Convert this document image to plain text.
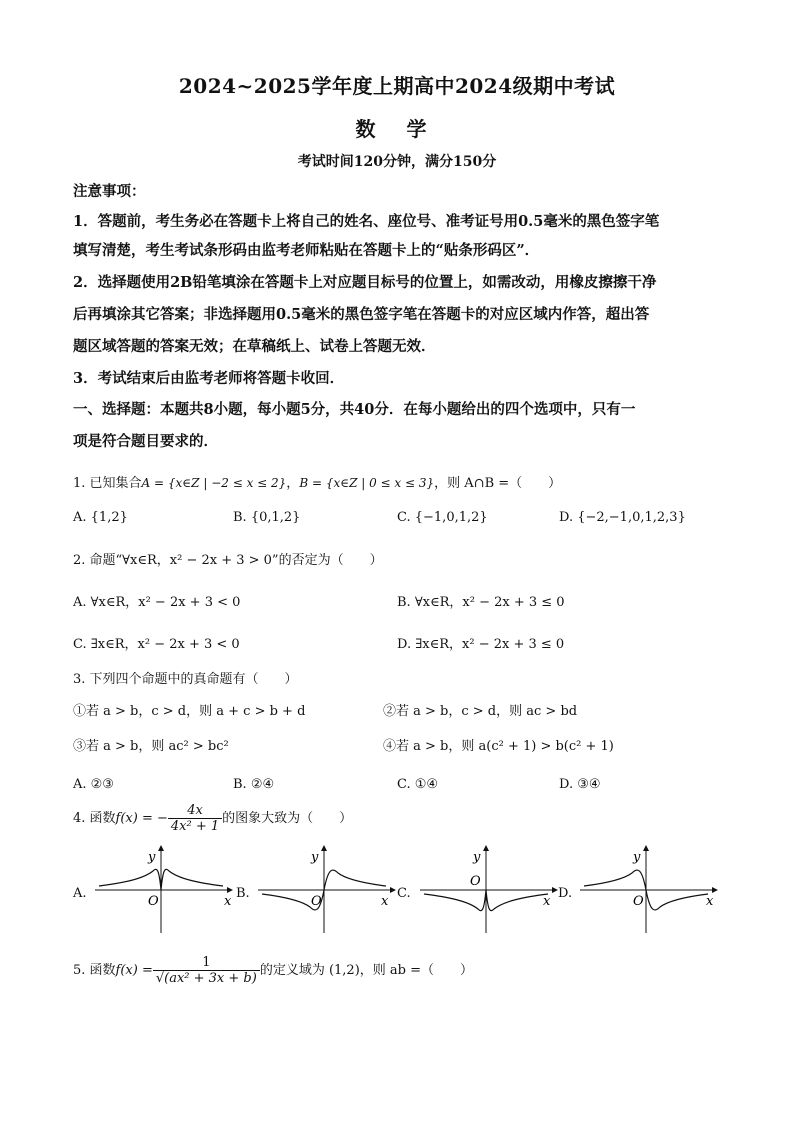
2024~2025学年度上期高中2024级期中考试
数 学
考试时间120分钟，满分150分
注意事项：
1．答题前，考生务必在答题卡上将自己的姓名、座位号、准考证号用0.5毫米的黑色签字笔
填写清楚，考生考试条形码由监考老师粘贴在答题卡上的“贴条形码区”．
2．选择题使用2B铅笔填涂在答题卡上对应题目标号的位置上，如需改动，用橡皮擦擦干净
后再填涂其它答案；非选择题用0.5毫米的黑色签字笔在答题卡的对应区域内作答，超出答
题区域答题的答案无效；在草稿纸上、试卷上答题无效．
3．考试结束后由监考老师将答题卡收回．
一、选择题：本题共8小题，每小题5分，共40分．在每小题给出的四个选项中，只有一
项是符合题目要求的．
1. 已知集合A = {x∈Z | −2 ≤ x ≤ 2}，B = {x∈Z | 0 ≤ x ≤ 3}，则 A∩B =（　　）
A. {1,2}	B. {0,1,2}	C. {−1,0,1,2}	D. {−2,−1,0,1,2,3}
2. 命题“∀x∈R，x² − 2x + 3 > 0”的否定为（　　）
A. ∀x∈R，x² − 2x + 3 < 0	B. ∀x∈R，x² − 2x + 3 ≤ 0
C. ∃x∈R，x² − 2x + 3 < 0	D. ∃x∈R，x² − 2x + 3 ≤ 0
3. 下列四个命题中的真命题有（　　）
①若 a > b，c > d，则 a + c > b + d	②若 a > b，c > d，则 ac > bd
③若 a > b，则 ac² > bc²	④若 a > b，则 a(c² + 1) > b(c² + 1)
A. ②③	B. ②④	C. ①④	D. ③④
4. 函数f(x) = − $\frac{4x}{\text{4x² + 1}}$ 的图象大致为（　　）
A.	B.	C.	D.
y
x
O
y
x
O
y
x
O
y
x
O
5. 函数$f(x) = \frac{1}{\text{√(ax² + 3x + b)}}$ 的定义域为 (1,2)，则 ab =（　　）
